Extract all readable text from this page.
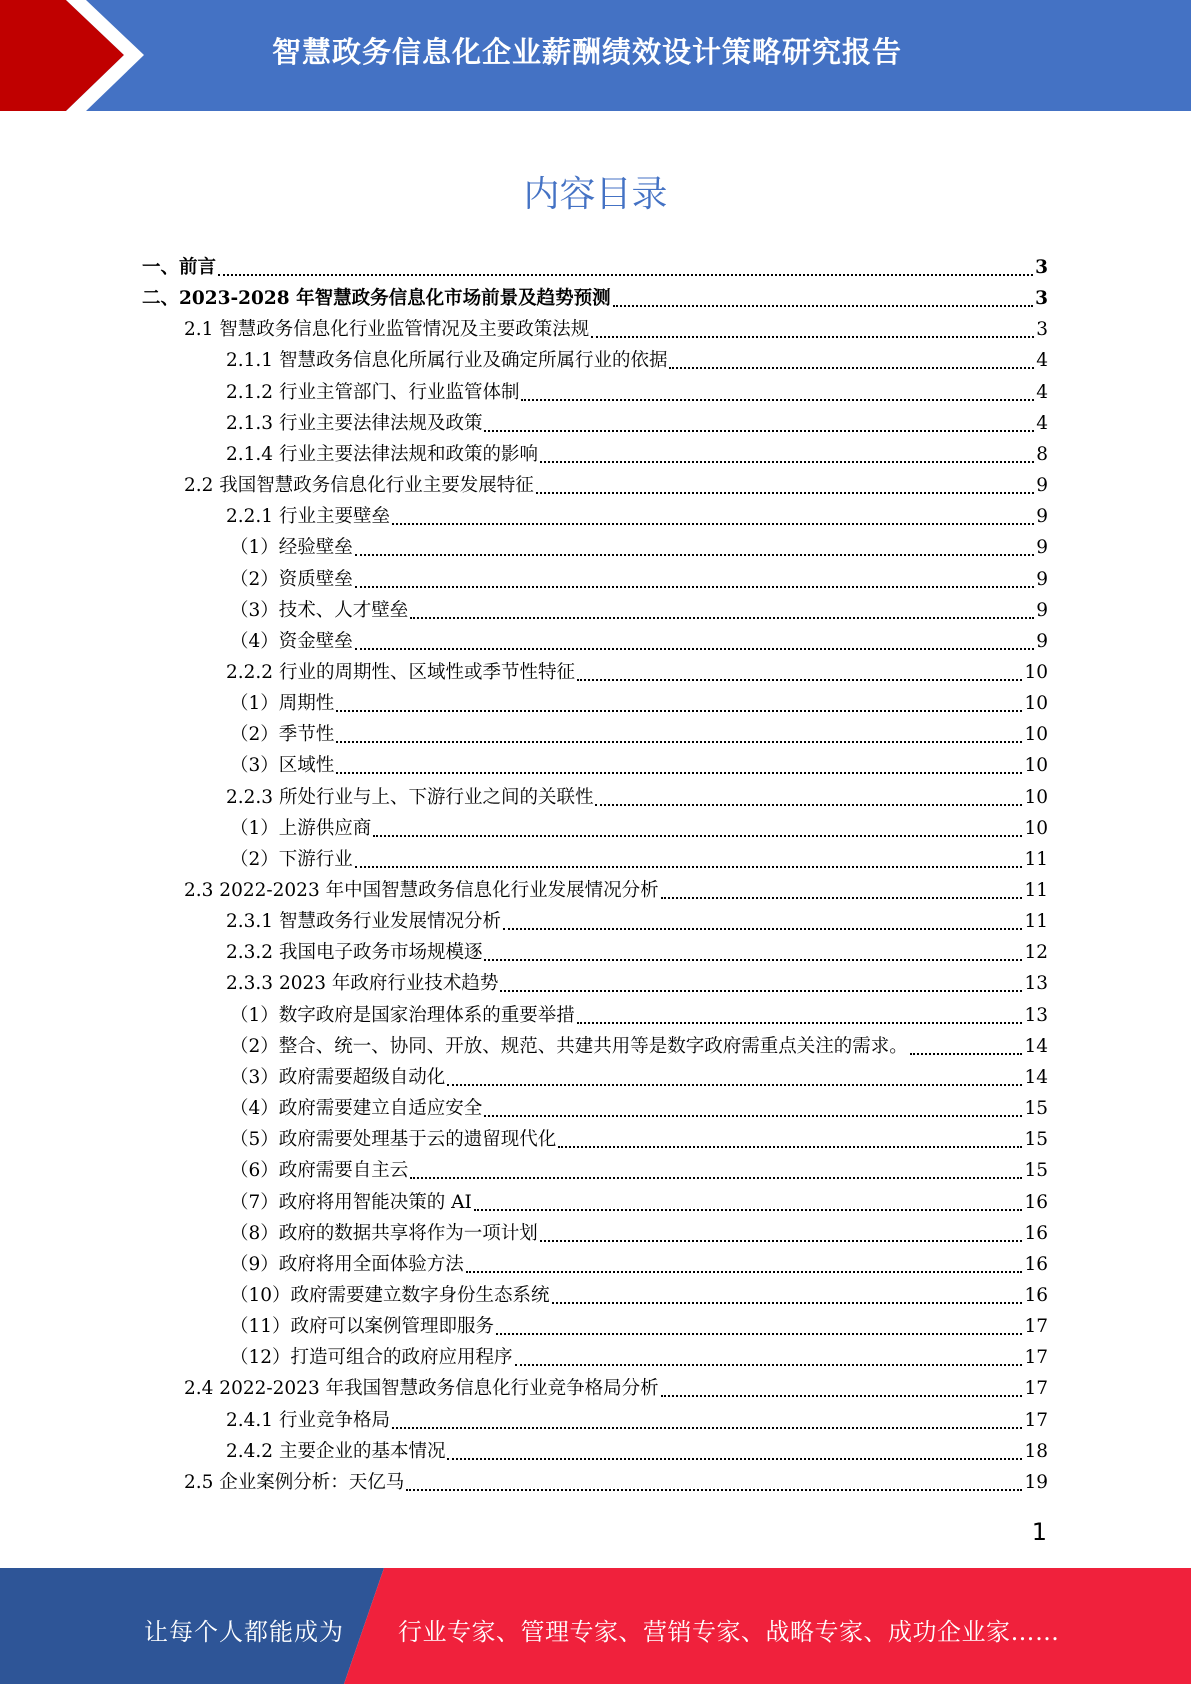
智慧政务信息化企业薪酬绩效设计策略研究报告
内容目录
一、前言	3
二、2023-2028 年智慧政务信息化市场前景及趋势预测	3
2.1 智慧政务信息化行业监管情况及主要政策法规	3
2.1.1 智慧政务信息化所属行业及确定所属行业的依据	4
2.1.2 行业主管部门、行业监管体制	4
2.1.3 行业主要法律法规及政策	4
2.1.4 行业主要法律法规和政策的影响	8
2.2 我国智慧政务信息化行业主要发展特征	9
2.2.1 行业主要壁垒	9
（1）经验壁垒	9
（2）资质壁垒	9
（3）技术、人才壁垒	9
（4）资金壁垒	9
2.2.2 行业的周期性、区域性或季节性特征	10
（1）周期性	10
（2）季节性	10
（3）区域性	10
2.2.3 所处行业与上、下游行业之间的关联性	10
（1）上游供应商	10
（2）下游行业	11
2.3 2022-2023 年中国智慧政务信息化行业发展情况分析	11
2.3.1 智慧政务行业发展情况分析	11
2.3.2 我国电子政务市场规模逐	12
2.3.3 2023 年政府行业技术趋势	13
（1）数字政府是国家治理体系的重要举措	13
（2）整合、统一、协同、开放、规范、共建共用等是数字政府需重点关注的需求。	14
（3）政府需要超级自动化	14
（4）政府需要建立自适应安全	15
（5）政府需要处理基于云的遗留现代化	15
（6）政府需要自主云	15
（7）政府将用智能决策的 AI	16
（8）政府的数据共享将作为一项计划	16
（9）政府将用全面体验方法	16
（10）政府需要建立数字身份生态系统	16
（11）政府可以案例管理即服务	17
（12）打造可组合的政府应用程序	17
2.4 2022-2023 年我国智慧政务信息化行业竞争格局分析	17
2.4.1 行业竞争格局	17
2.4.2 主要企业的基本情况	18
2.5 企业案例分析：天亿马	19
1
让每个人都能成为 行业专家、管理专家、营销专家、战略专家、成功企业家……
